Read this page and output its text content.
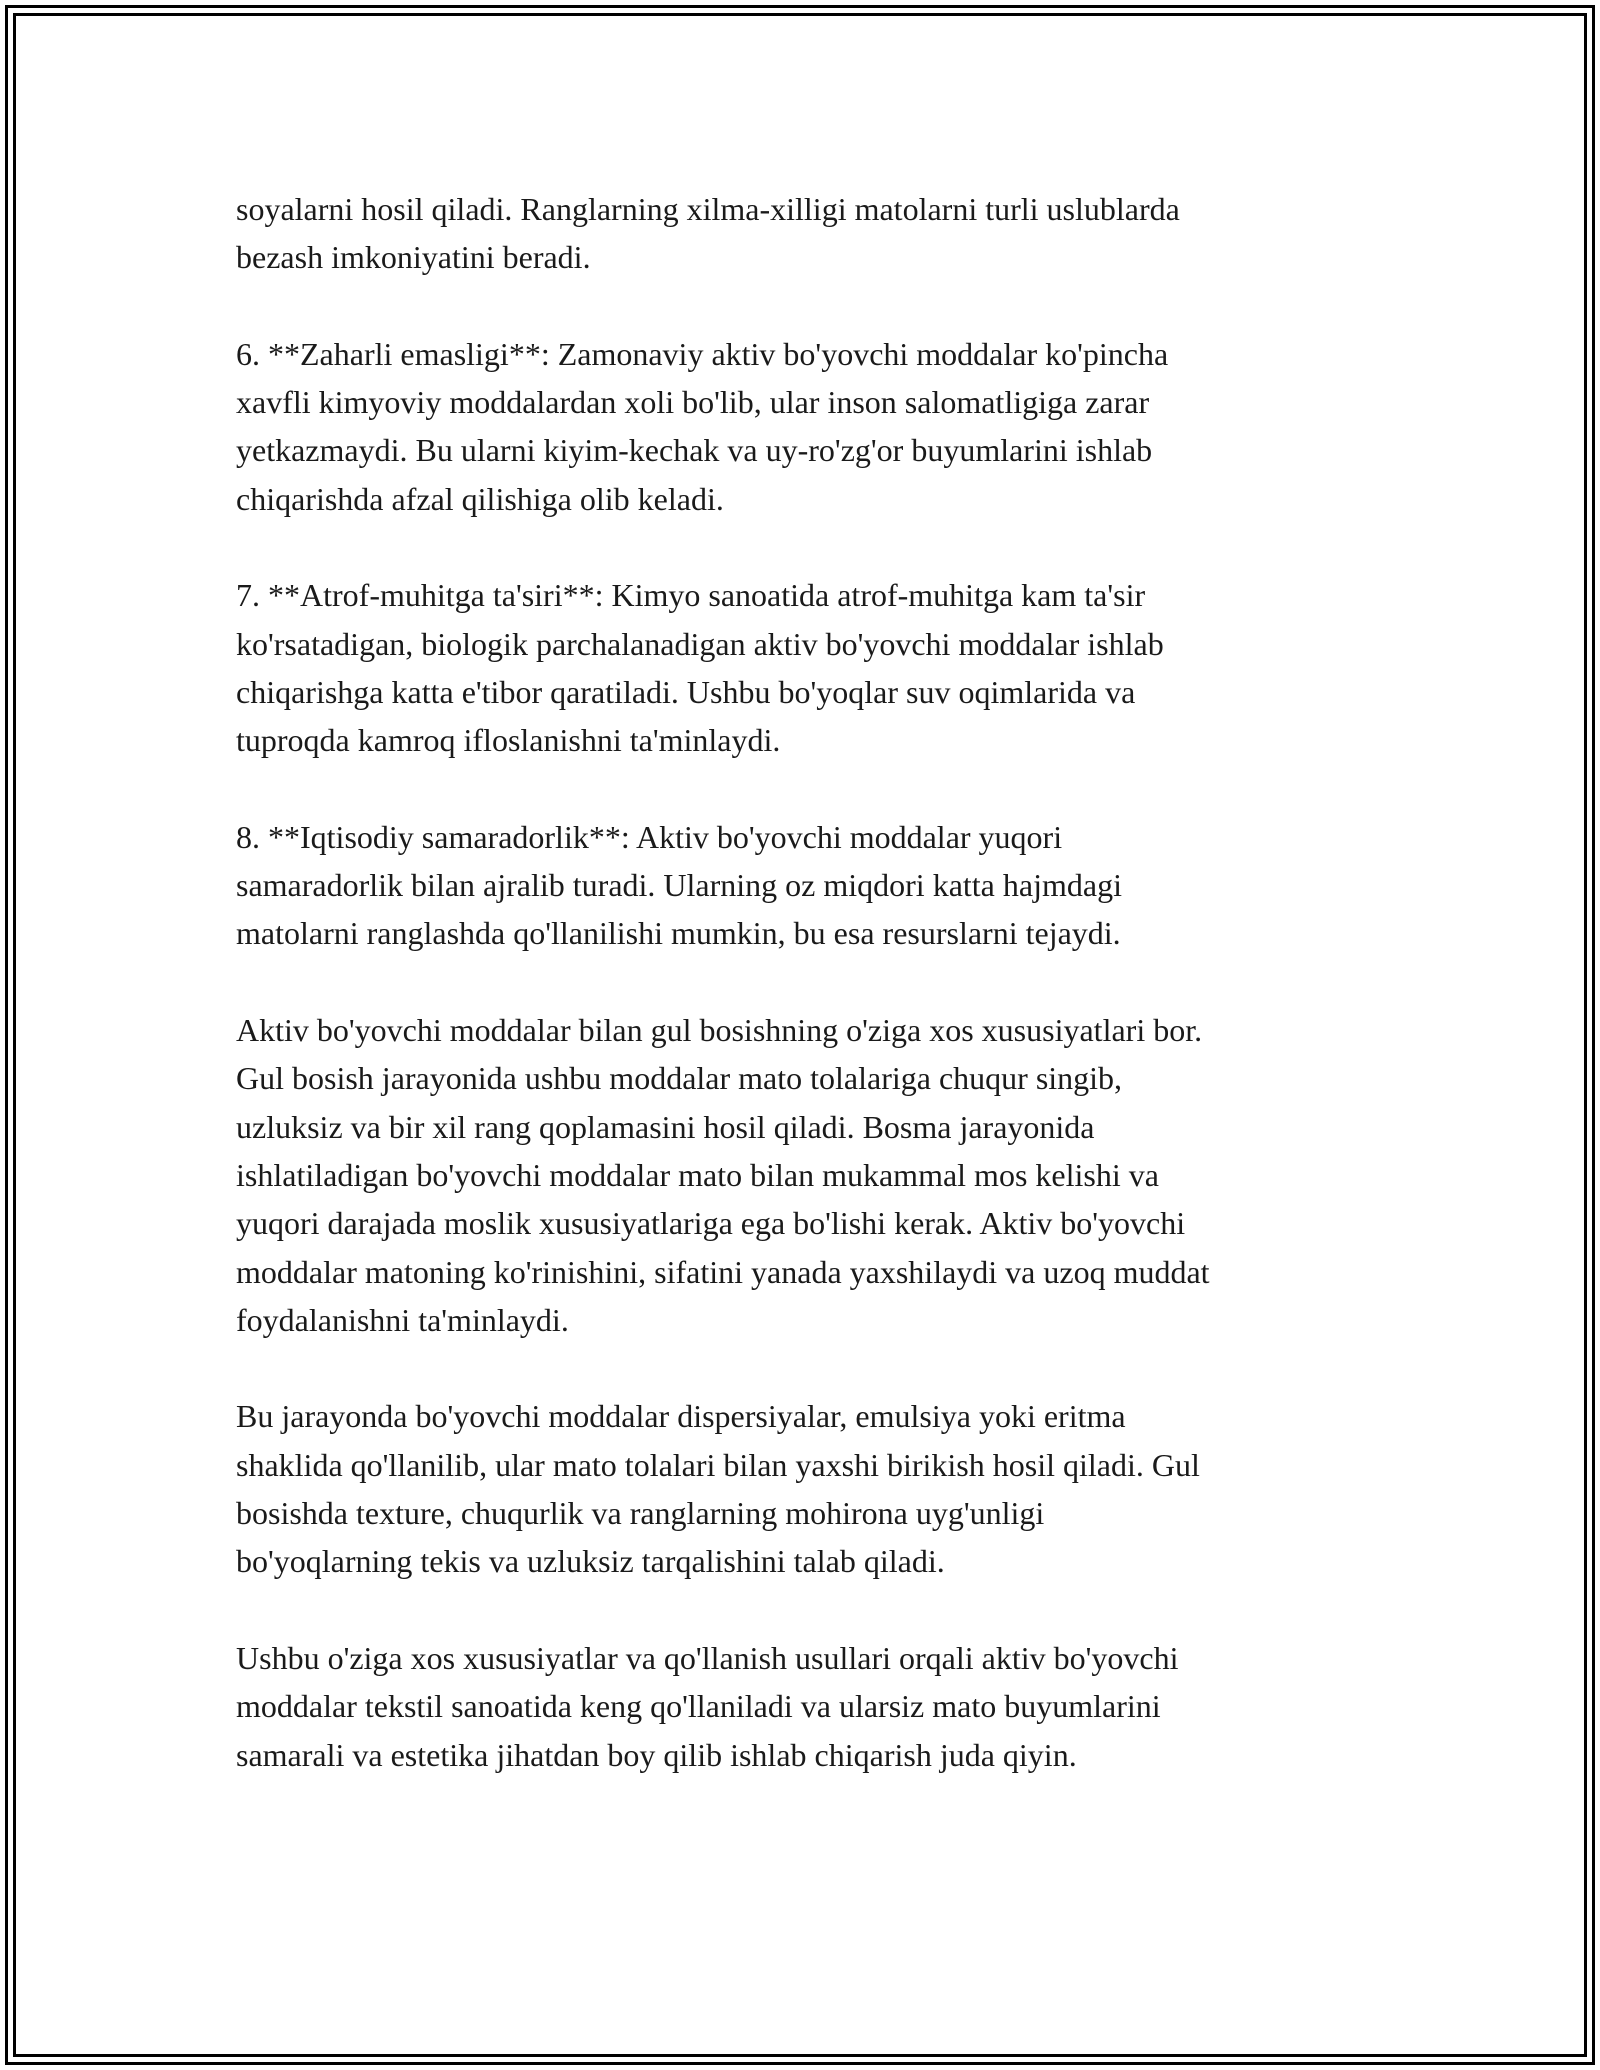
soyalarni hosil qiladi. Ranglarning xilma-xilligi matolarni turli uslublarda
bezash imkoniyatini beradi.

6. **Zaharli emasligi**: Zamonaviy aktiv bo'yovchi moddalar ko'pincha
xavfli kimyoviy moddalardan xoli bo'lib, ular inson salomatligiga zarar
yetkazmaydi. Bu ularni kiyim-kechak va uy-ro'zg'or buyumlarini ishlab
chiqarishda afzal qilishiga olib keladi.

7. **Atrof-muhitga ta'siri**: Kimyo sanoatida atrof-muhitga kam ta'sir
ko'rsatadigan, biologik parchalanadigan aktiv bo'yovchi moddalar ishlab
chiqarishga katta e'tibor qaratiladi. Ushbu bo'yoqlar suv oqimlarida va
tuproqda kamroq ifloslanishni ta'minlaydi.

8. **Iqtisodiy samaradorlik**: Aktiv bo'yovchi moddalar yuqori
samaradorlik bilan ajralib turadi. Ularning oz miqdori katta hajmdagi
matolarni ranglashda qo'llanilishi mumkin, bu esa resurslarni tejaydi.

Aktiv bo'yovchi moddalar bilan gul bosishning o'ziga xos xususiyatlari bor.
Gul bosish jarayonida ushbu moddalar mato tolalariga chuqur singib,
uzluksiz va bir xil rang qoplamasini hosil qiladi. Bosma jarayonida
ishlatiladigan bo'yovchi moddalar mato bilan mukammal mos kelishi va
yuqori darajada moslik xususiyatlariga ega bo'lishi kerak. Aktiv bo'yovchi
moddalar matoning ko'rinishini, sifatini yanada yaxshilaydi va uzoq muddat
foydalanishni ta'minlaydi.

Bu jarayonda bo'yovchi moddalar dispersiyalar, emulsiya yoki eritma
shaklida qo'llanilib, ular mato tolalari bilan yaxshi birikish hosil qiladi. Gul
bosishda texture, chuqurlik va ranglarning mohirona uyg'unligi
bo'yoqlarning tekis va uzluksiz tarqalishini talab qiladi.

Ushbu o'ziga xos xususiyatlar va qo'llanish usullari orqali aktiv bo'yovchi
moddalar tekstil sanoatida keng qo'llaniladi va ularsiz mato buyumlarini
samarali va estetika jihatdan boy qilib ishlab chiqarish juda qiyin.
